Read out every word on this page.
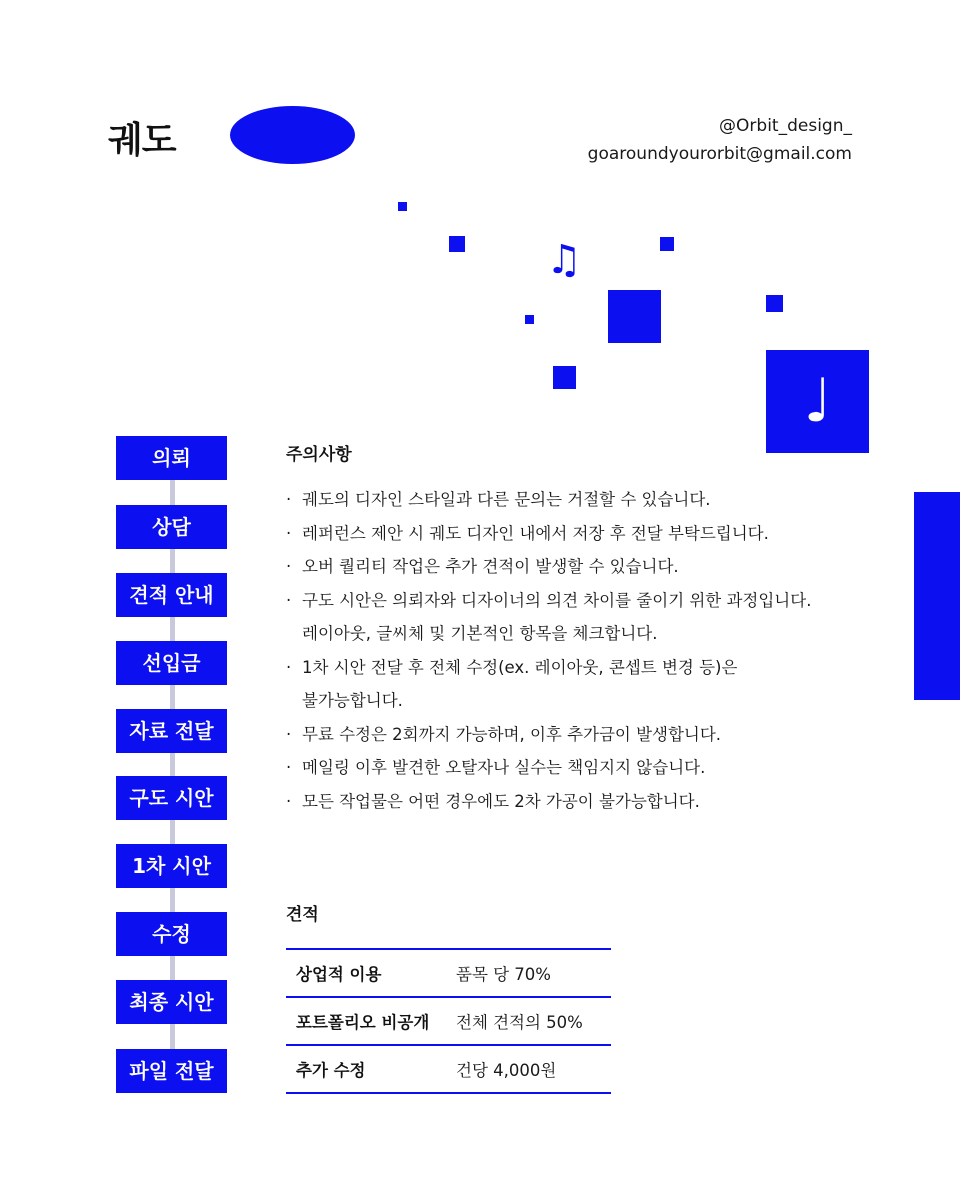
궤도	@Orbit_design_
goaroundyourorbit@gmail.com
♫
♩
의뢰
상담
견적 안내
선입금
자료 전달
구도 시안
1차 시안
수정
최종 시안
파일 전달
주의사항
· 궤도의 디자인 스타일과 다른 문의는 거절할 수 있습니다.
· 레퍼런스 제안 시 궤도 디자인 내에서 저장 후 전달 부탁드립니다.
· 오버 퀄리티 작업은 추가 견적이 발생할 수 있습니다.
· 구도 시안은 의뢰자와 디자이너의 의견 차이를 줄이기 위한 과정입니다.
레이아웃, 글씨체 및 기본적인 항목을 체크합니다.
· 1차 시안 전달 후 전체 수정(ex. 레이아웃, 콘셉트 변경 등)은
불가능합니다.
· 무료 수정은 2회까지 가능하며, 이후 추가금이 발생합니다.
· 메일링 이후 발견한 오탈자나 실수는 책임지지 않습니다.
· 모든 작업물은 어떤 경우에도 2차 가공이 불가능합니다.
견적
상업적 이용	품목 당 70%
포트폴리오 비공개	전체 견적의 50%
추가 수정	건당 4,000원
